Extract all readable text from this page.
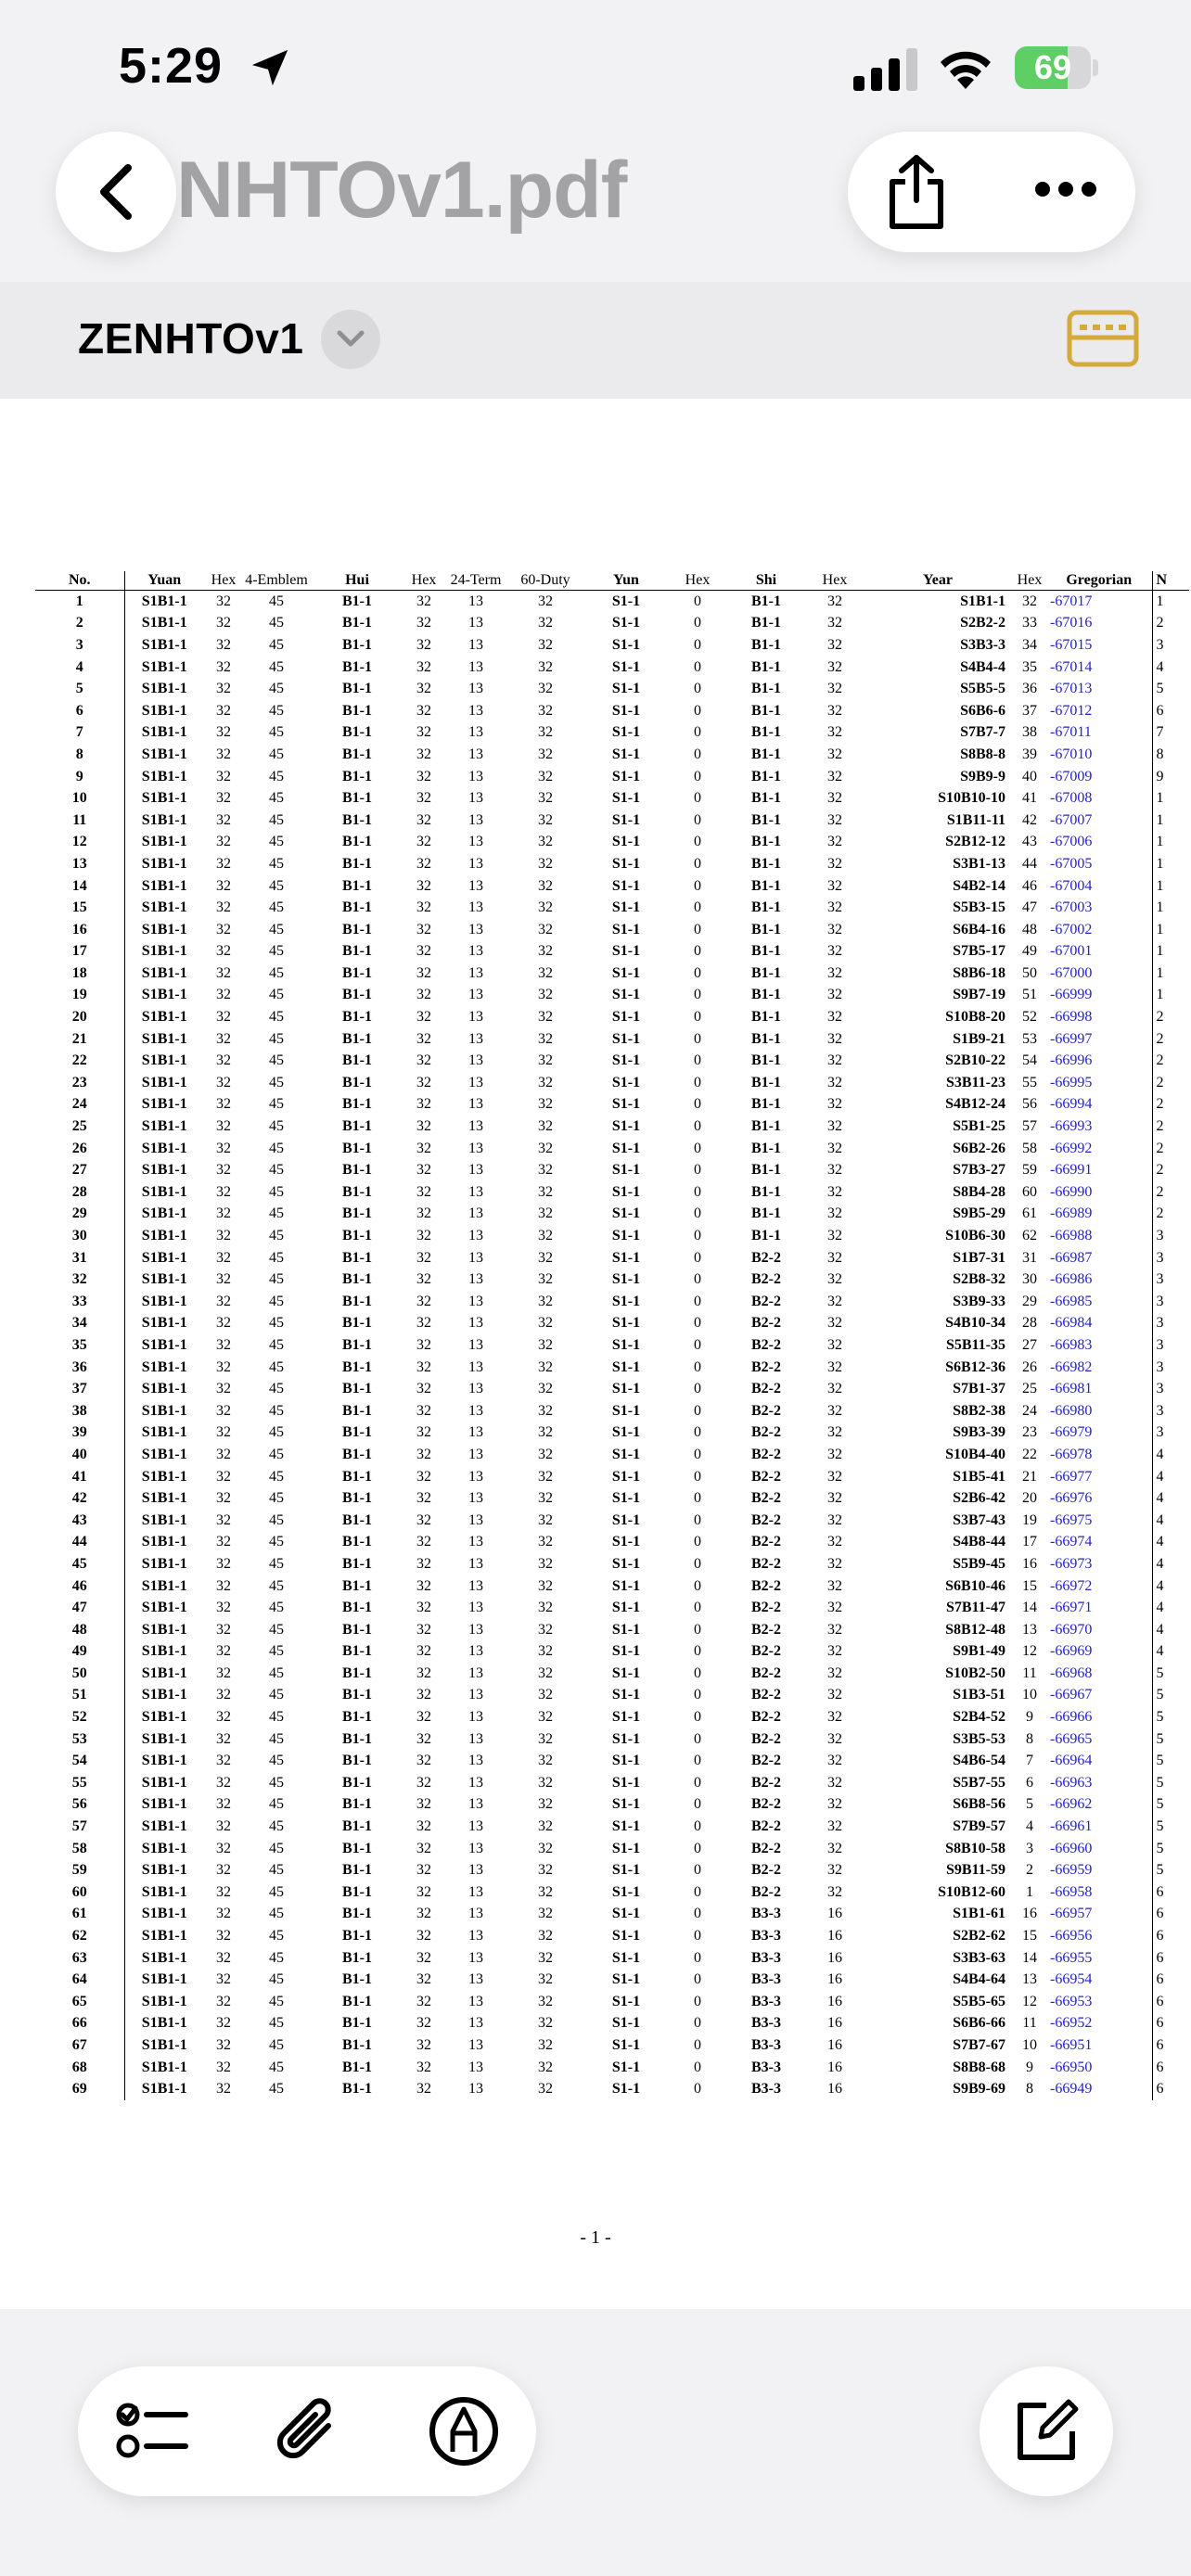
5:29	69
NHTOv1.pdf
ZENHTOv1
No.	Yuan	Hex	4-Emblem	Hui	Hex	24-Term	60-Duty	Yun	Hex	Shi	Hex	Year	Hex	Gregorian	N
1	S1B1-1	32	45	B1-1	32	13	32	S1-1	0	B1-1	32	S1B1-1	32	-67017	1
2	S1B1-1	32	45	B1-1	32	13	32	S1-1	0	B1-1	32	S2B2-2	33	-67016	2
3	S1B1-1	32	45	B1-1	32	13	32	S1-1	0	B1-1	32	S3B3-3	34	-67015	3
4	S1B1-1	32	45	B1-1	32	13	32	S1-1	0	B1-1	32	S4B4-4	35	-67014	4
5	S1B1-1	32	45	B1-1	32	13	32	S1-1	0	B1-1	32	S5B5-5	36	-67013	5
6	S1B1-1	32	45	B1-1	32	13	32	S1-1	0	B1-1	32	S6B6-6	37	-67012	6
7	S1B1-1	32	45	B1-1	32	13	32	S1-1	0	B1-1	32	S7B7-7	38	-67011	7
8	S1B1-1	32	45	B1-1	32	13	32	S1-1	0	B1-1	32	S8B8-8	39	-67010	8
9	S1B1-1	32	45	B1-1	32	13	32	S1-1	0	B1-1	32	S9B9-9	40	-67009	9
10	S1B1-1	32	45	B1-1	32	13	32	S1-1	0	B1-1	32	S10B10-10	41	-67008	1
11	S1B1-1	32	45	B1-1	32	13	32	S1-1	0	B1-1	32	S1B11-11	42	-67007	1
12	S1B1-1	32	45	B1-1	32	13	32	S1-1	0	B1-1	32	S2B12-12	43	-67006	1
13	S1B1-1	32	45	B1-1	32	13	32	S1-1	0	B1-1	32	S3B1-13	44	-67005	1
14	S1B1-1	32	45	B1-1	32	13	32	S1-1	0	B1-1	32	S4B2-14	46	-67004	1
15	S1B1-1	32	45	B1-1	32	13	32	S1-1	0	B1-1	32	S5B3-15	47	-67003	1
16	S1B1-1	32	45	B1-1	32	13	32	S1-1	0	B1-1	32	S6B4-16	48	-67002	1
17	S1B1-1	32	45	B1-1	32	13	32	S1-1	0	B1-1	32	S7B5-17	49	-67001	1
18	S1B1-1	32	45	B1-1	32	13	32	S1-1	0	B1-1	32	S8B6-18	50	-67000	1
19	S1B1-1	32	45	B1-1	32	13	32	S1-1	0	B1-1	32	S9B7-19	51	-66999	1
20	S1B1-1	32	45	B1-1	32	13	32	S1-1	0	B1-1	32	S10B8-20	52	-66998	2
21	S1B1-1	32	45	B1-1	32	13	32	S1-1	0	B1-1	32	S1B9-21	53	-66997	2
22	S1B1-1	32	45	B1-1	32	13	32	S1-1	0	B1-1	32	S2B10-22	54	-66996	2
23	S1B1-1	32	45	B1-1	32	13	32	S1-1	0	B1-1	32	S3B11-23	55	-66995	2
24	S1B1-1	32	45	B1-1	32	13	32	S1-1	0	B1-1	32	S4B12-24	56	-66994	2
25	S1B1-1	32	45	B1-1	32	13	32	S1-1	0	B1-1	32	S5B1-25	57	-66993	2
26	S1B1-1	32	45	B1-1	32	13	32	S1-1	0	B1-1	32	S6B2-26	58	-66992	2
27	S1B1-1	32	45	B1-1	32	13	32	S1-1	0	B1-1	32	S7B3-27	59	-66991	2
28	S1B1-1	32	45	B1-1	32	13	32	S1-1	0	B1-1	32	S8B4-28	60	-66990	2
29	S1B1-1	32	45	B1-1	32	13	32	S1-1	0	B1-1	32	S9B5-29	61	-66989	2
30	S1B1-1	32	45	B1-1	32	13	32	S1-1	0	B1-1	32	S10B6-30	62	-66988	3
31	S1B1-1	32	45	B1-1	32	13	32	S1-1	0	B2-2	32	S1B7-31	31	-66987	3
32	S1B1-1	32	45	B1-1	32	13	32	S1-1	0	B2-2	32	S2B8-32	30	-66986	3
33	S1B1-1	32	45	B1-1	32	13	32	S1-1	0	B2-2	32	S3B9-33	29	-66985	3
34	S1B1-1	32	45	B1-1	32	13	32	S1-1	0	B2-2	32	S4B10-34	28	-66984	3
35	S1B1-1	32	45	B1-1	32	13	32	S1-1	0	B2-2	32	S5B11-35	27	-66983	3
36	S1B1-1	32	45	B1-1	32	13	32	S1-1	0	B2-2	32	S6B12-36	26	-66982	3
37	S1B1-1	32	45	B1-1	32	13	32	S1-1	0	B2-2	32	S7B1-37	25	-66981	3
38	S1B1-1	32	45	B1-1	32	13	32	S1-1	0	B2-2	32	S8B2-38	24	-66980	3
39	S1B1-1	32	45	B1-1	32	13	32	S1-1	0	B2-2	32	S9B3-39	23	-66979	3
40	S1B1-1	32	45	B1-1	32	13	32	S1-1	0	B2-2	32	S10B4-40	22	-66978	4
41	S1B1-1	32	45	B1-1	32	13	32	S1-1	0	B2-2	32	S1B5-41	21	-66977	4
42	S1B1-1	32	45	B1-1	32	13	32	S1-1	0	B2-2	32	S2B6-42	20	-66976	4
43	S1B1-1	32	45	B1-1	32	13	32	S1-1	0	B2-2	32	S3B7-43	19	-66975	4
44	S1B1-1	32	45	B1-1	32	13	32	S1-1	0	B2-2	32	S4B8-44	17	-66974	4
45	S1B1-1	32	45	B1-1	32	13	32	S1-1	0	B2-2	32	S5B9-45	16	-66973	4
46	S1B1-1	32	45	B1-1	32	13	32	S1-1	0	B2-2	32	S6B10-46	15	-66972	4
47	S1B1-1	32	45	B1-1	32	13	32	S1-1	0	B2-2	32	S7B11-47	14	-66971	4
48	S1B1-1	32	45	B1-1	32	13	32	S1-1	0	B2-2	32	S8B12-48	13	-66970	4
49	S1B1-1	32	45	B1-1	32	13	32	S1-1	0	B2-2	32	S9B1-49	12	-66969	4
50	S1B1-1	32	45	B1-1	32	13	32	S1-1	0	B2-2	32	S10B2-50	11	-66968	5
51	S1B1-1	32	45	B1-1	32	13	32	S1-1	0	B2-2	32	S1B3-51	10	-66967	5
52	S1B1-1	32	45	B1-1	32	13	32	S1-1	0	B2-2	32	S2B4-52	9	-66966	5
53	S1B1-1	32	45	B1-1	32	13	32	S1-1	0	B2-2	32	S3B5-53	8	-66965	5
54	S1B1-1	32	45	B1-1	32	13	32	S1-1	0	B2-2	32	S4B6-54	7	-66964	5
55	S1B1-1	32	45	B1-1	32	13	32	S1-1	0	B2-2	32	S5B7-55	6	-66963	5
56	S1B1-1	32	45	B1-1	32	13	32	S1-1	0	B2-2	32	S6B8-56	5	-66962	5
57	S1B1-1	32	45	B1-1	32	13	32	S1-1	0	B2-2	32	S7B9-57	4	-66961	5
58	S1B1-1	32	45	B1-1	32	13	32	S1-1	0	B2-2	32	S8B10-58	3	-66960	5
59	S1B1-1	32	45	B1-1	32	13	32	S1-1	0	B2-2	32	S9B11-59	2	-66959	5
60	S1B1-1	32	45	B1-1	32	13	32	S1-1	0	B2-2	32	S10B12-60	1	-66958	6
61	S1B1-1	32	45	B1-1	32	13	32	S1-1	0	B3-3	16	S1B1-61	16	-66957	6
62	S1B1-1	32	45	B1-1	32	13	32	S1-1	0	B3-3	16	S2B2-62	15	-66956	6
63	S1B1-1	32	45	B1-1	32	13	32	S1-1	0	B3-3	16	S3B3-63	14	-66955	6
64	S1B1-1	32	45	B1-1	32	13	32	S1-1	0	B3-3	16	S4B4-64	13	-66954	6
65	S1B1-1	32	45	B1-1	32	13	32	S1-1	0	B3-3	16	S5B5-65	12	-66953	6
66	S1B1-1	32	45	B1-1	32	13	32	S1-1	0	B3-3	16	S6B6-66	11	-66952	6
67	S1B1-1	32	45	B1-1	32	13	32	S1-1	0	B3-3	16	S7B7-67	10	-66951	6
68	S1B1-1	32	45	B1-1	32	13	32	S1-1	0	B3-3	16	S8B8-68	9	-66950	6
69	S1B1-1	32	45	B1-1	32	13	32	S1-1	0	B3-3	16	S9B9-69	8	-66949	6
- 1 -
